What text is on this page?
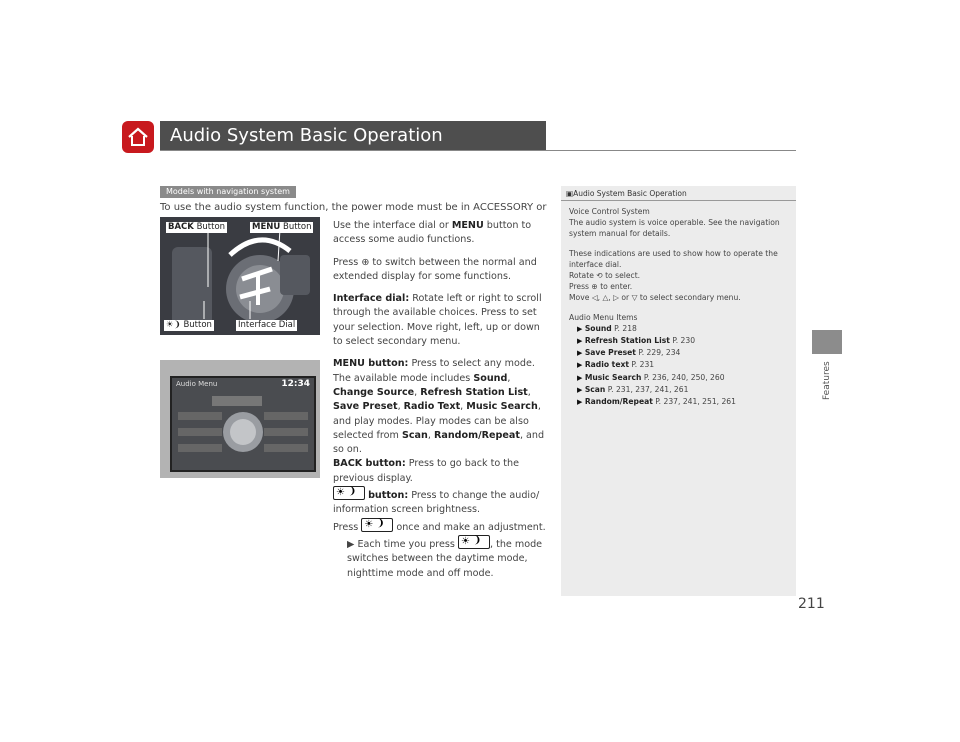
Audio System Basic Operation
Features
211
Models with navigation system
To use the audio system function, the power mode must be in ACCESSORY or
BACK Button	MENU Button
☀❩ Button	Interface Dial
Audio Menu	12:34

Use the interface dial or MENU button to access some audio functions.

Press ⊕ to switch between the normal and extended display for some functions.

Interface dial: Rotate left or right to scroll through the available choices. Press to set your selection. Move right, left, up or down to select secondary menu.

MENU button: Press to select any mode. The available mode includes Sound, Change Source, Refresh Station List, Save Preset, Radio Text, Music Search, and play modes. Play modes can be also selected from Scan, Random/Repeat, and so on.

BACK button: Press to go back to the previous display.

☀ ❩ button: Press to change the audio/ information screen brightness.

Press ☀ ❩ once and make an adjustment.

▶ Each time you press ☀ ❩ , the mode switches between the daytime mode, nighttime mode and off mode.

▣Audio System Basic Operation

Voice Control System

The audio system is voice operable. See the navigation system manual for details.

These indications are used to show how to operate the interface dial.

Rotate ⟲ to select.

Press ⊕ to enter.

Move ◁, △, ▷ or ▽ to select secondary menu.

Audio Menu Items

▶ Sound P. 218

▶ Refresh Station List P. 230

▶ Save Preset P. 229, 234

▶ Radio text P. 231

▶ Music Search P. 236, 240, 250, 260

▶ Scan P. 231, 237, 241, 261

▶ Random/Repeat P. 237, 241, 251, 261
